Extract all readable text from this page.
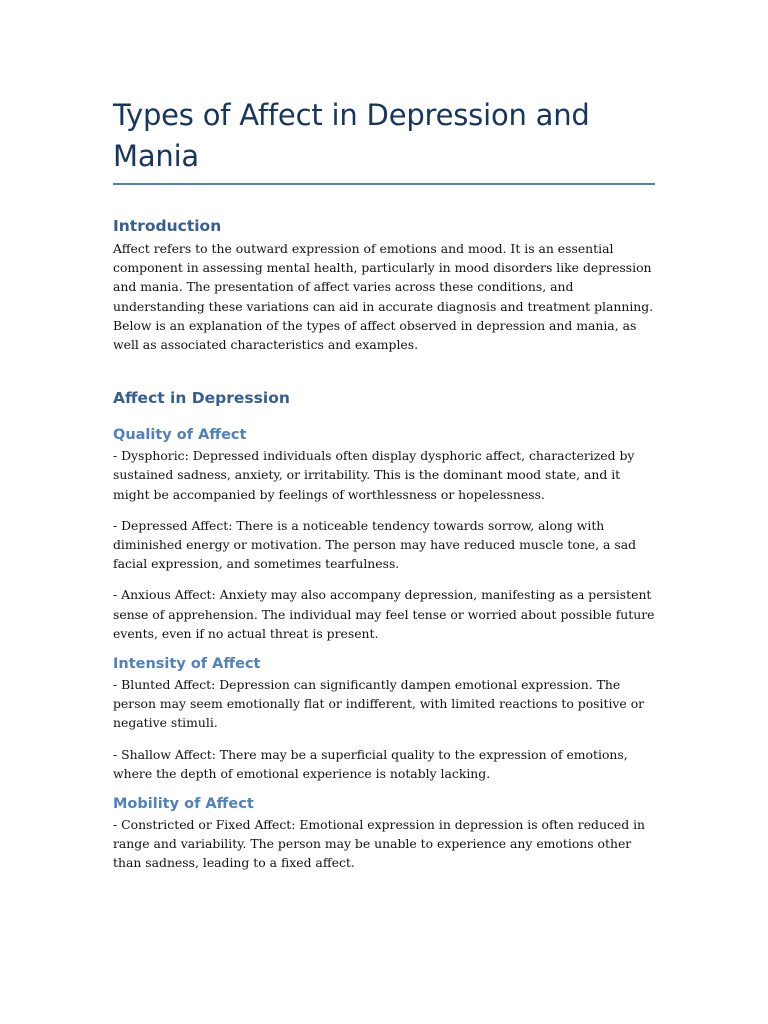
Types of Affect in Depression and Mania
Introduction

Affect refers to the outward expression of emotions and mood. It is an essential component in assessing mental health, particularly in mood disorders like depression and mania. The presentation of affect varies across these conditions, and understanding these variations can aid in accurate diagnosis and treatment planning. Below is an explanation of the types of affect observed in depression and mania, as well as associated characteristics and examples.

Affect in Depression
Quality of Affect

- Dysphoric: Depressed individuals often display dysphoric affect, characterized by sustained sadness, anxiety, or irritability. This is the dominant mood state, and it might be accompanied by feelings of worthlessness or hopelessness.

- Depressed Affect: There is a noticeable tendency towards sorrow, along with diminished energy or motivation. The person may have reduced muscle tone, a sad facial expression, and sometimes tearfulness.

- Anxious Affect: Anxiety may also accompany depression, manifesting as a persistent sense of apprehension. The individual may feel tense or worried about possible future events, even if no actual threat is present.

Intensity of Affect

- Blunted Affect: Depression can significantly dampen emotional expression. The person may seem emotionally flat or indifferent, with limited reactions to positive or negative stimuli.

- Shallow Affect: There may be a superficial quality to the expression of emotions, where the depth of emotional experience is notably lacking.

Mobility of Affect

- Constricted or Fixed Affect: Emotional expression in depression is often reduced in range and variability. The person may be unable to experience any emotions other than sadness, leading to a fixed affect.
